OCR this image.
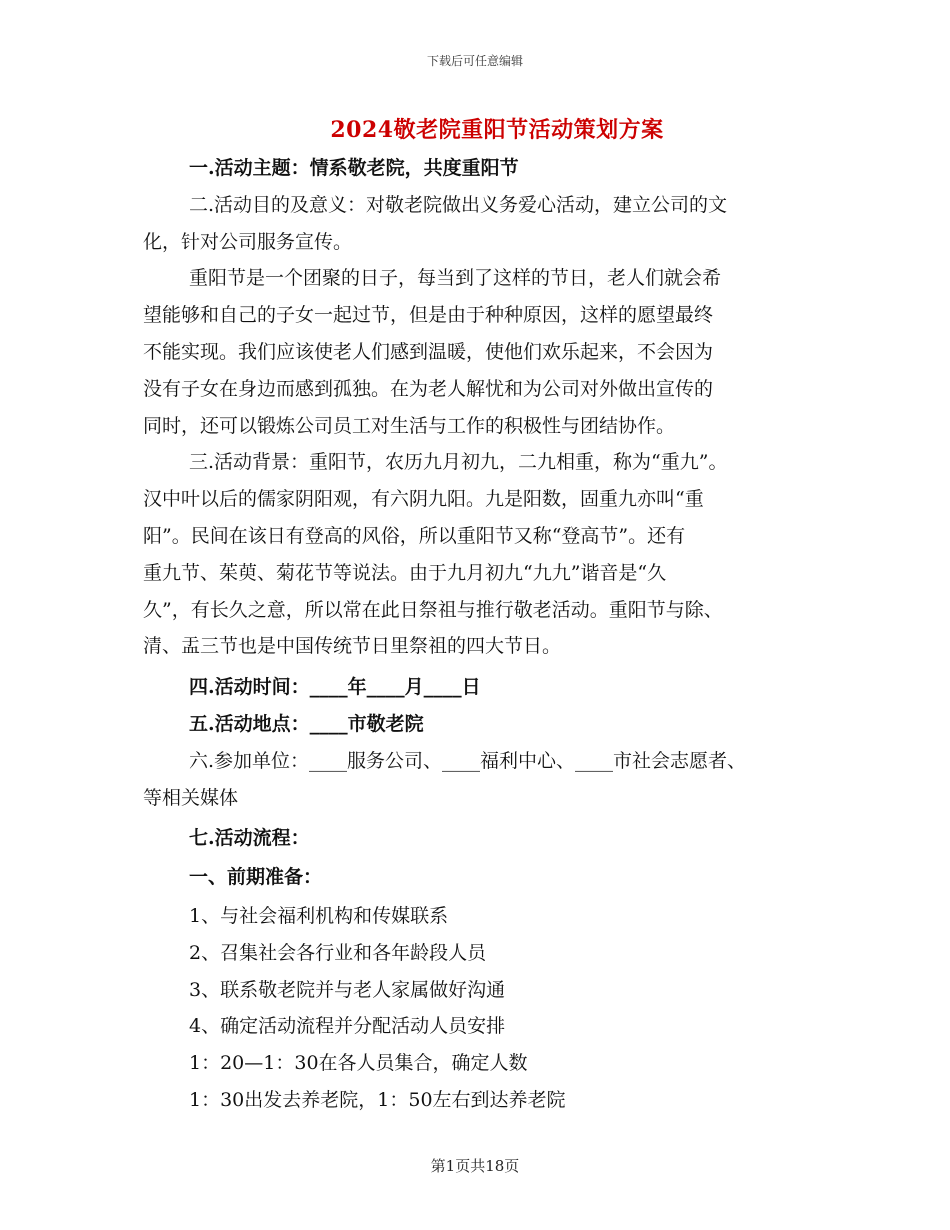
下载后可任意编辑
2024敬老院重阳节活动策划方案

一.活动主题：情系敬老院，共度重阳节

二.活动目的及意义：对敬老院做出义务爱心活动，建立公司的文

化，针对公司服务宣传。

重阳节是一个团聚的日子，每当到了这样的节日，老人们就会希

望能够和自己的子女一起过节，但是由于种种原因，这样的愿望最终

不能实现。我们应该使老人们感到温暖，使他们欢乐起来，不会因为

没有子女在身边而感到孤独。在为老人解忧和为公司对外做出宣传的

同时，还可以锻炼公司员工对生活与工作的积极性与团结协作。

三.活动背景：重阳节，农历九月初九，二九相重，称为“重九”。

汉中叶以后的儒家阴阳观，有六阴九阳。九是阳数，固重九亦叫“重

阳”。民间在该日有登高的风俗，所以重阳节又称“登高节”。还有

重九节、茱萸、菊花节等说法。由于九月初九“九九”谐音是“久

久”，有长久之意，所以常在此日祭祖与推行敬老活动。重阳节与除、

清、盂三节也是中国传统节日里祭祖的四大节日。

四.活动时间：____年____月____日

五.活动地点：____市敬老院

六.参加单位：____服务公司、____福利中心、____市社会志愿者、

等相关媒体

七.活动流程：

一、前期准备：

1、与社会福利机构和传媒联系

2、召集社会各行业和各年龄段人员

3、联系敬老院并与老人家属做好沟通

4、确定活动流程并分配活动人员安排

1：20—1：30在各人员集合，确定人数

1：30出发去养老院，1：50左右到达养老院

第1页共18页
